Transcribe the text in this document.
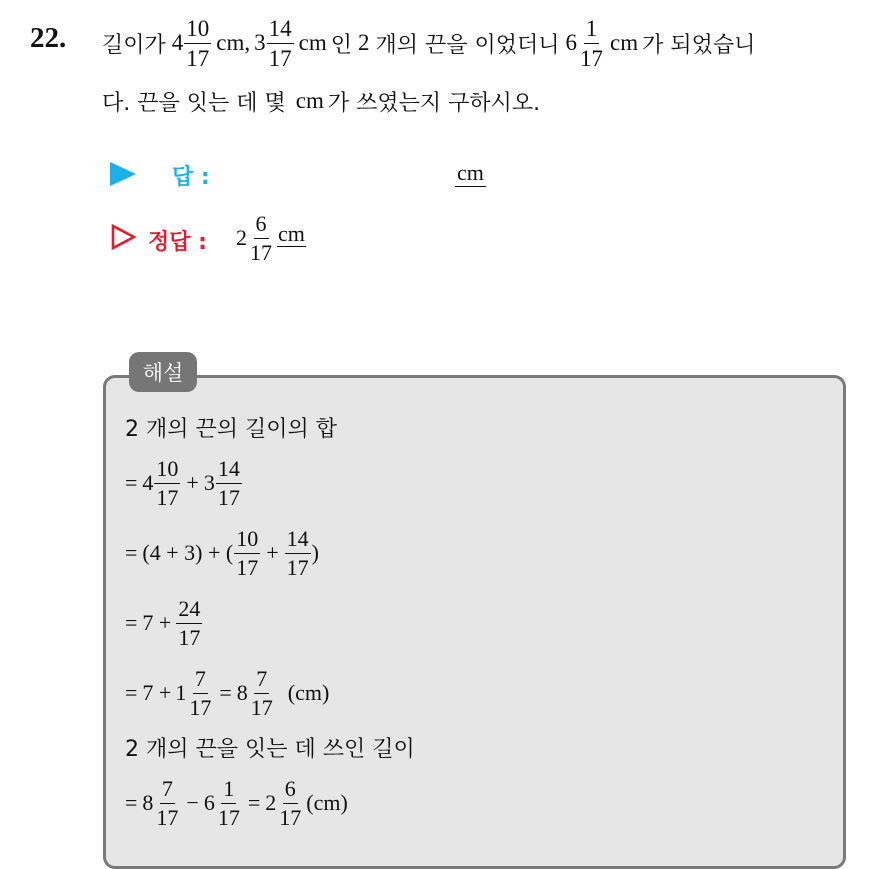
22. 길이가 $4 \frac{10}{17}$ cm, $3 \frac{14}{17}$ cm 인 2 개의 끈을 이었더니 $6 \frac{1}{17}$ cm 가 되었습니
다. 끈을 잇는 데 몇 cm 가 쓰였는지 구하시오.
답 :	cm
정답 : $2 \frac{6}{17}$ cm
해설
2 개의 끈의 길이의 합
= $4 \frac{10}{17} + 3 \frac{14}{17}$
= (4 + 3) + ( $\frac{10}{17} + \frac{14}{17}$ )
= $7 + \frac{24}{17}$
= $7 + 1 \frac{7}{17} = 8 \frac{7}{17} (cm)$
2 개의 끈을 잇는 데 쓰인 길이
= $8 \frac{7}{17} - 6 \frac{1}{17} = 2 \frac{6}{17} (cm)$
